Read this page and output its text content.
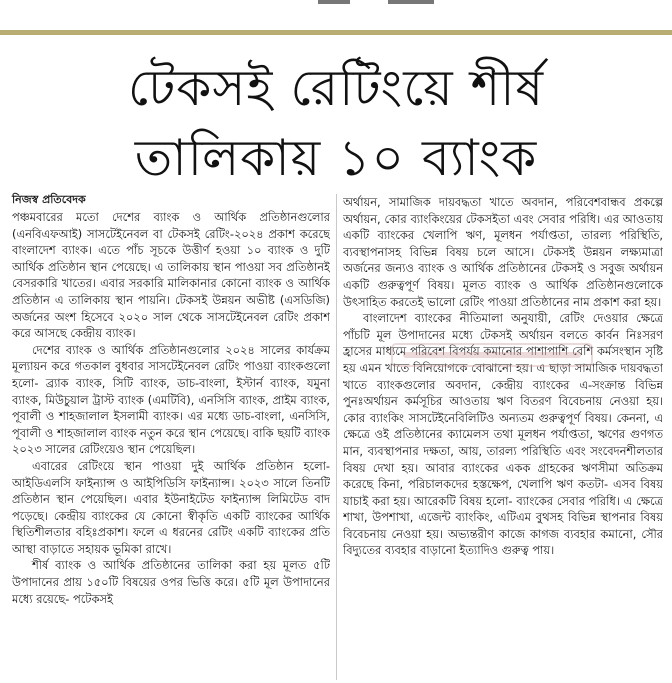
টেকসই রেটিংয়ে শীর্ষ
তালিকায় ১০ ব্যাংক
নিজস্ব প্রতিবেদক

পঞ্চমবারের মতো দেশের ব্যাংক ও আর্থিক প্রতিষ্ঠানগুলোর (এনবিএফআই) সাসটেইনেবল বা টেকসই রেটিং-২০২৪ প্রকাশ করেছে বাংলাদেশ ব্যাংক। এতে পাঁচ সূচকে উত্তীর্ণ হওয়া ১০ ব্যাংক ও দুটি আর্থিক প্রতিষ্ঠান স্থান পেয়েছে। এ তালিকায় স্থান পাওয়া সব প্রতিষ্ঠানই বেসরকারি খাতের। এবার সরকারি মালিকানার কোনো ব্যাংক ও আর্থিক প্রতিষ্ঠান এ তালিকায় স্থান পায়নি। টেকসই উন্নয়ন অভীষ্ট (এসডিজি) অর্জনের অংশ হিসেবে ২০২০ সাল থেকে সাসটেইনেবল রেটিং প্রকাশ করে আসছে কেন্দ্রীয় ব্যাংক।

দেশের ব্যাংক ও আর্থিক প্রতিষ্ঠানগুলোর ২০২৪ সালের কার্যক্রম মূল্যায়ন করে গতকাল বুধবার সাসটেইনেবল রেটিং পাওয়া ব্যাংকগুলো হলো- ব্র্যাক ব্যাংক, সিটি ব্যাংক, ডাচ-বাংলা, ইস্টার্ন ব্যাংক, যমুনা ব্যাংক, মিউচুয়াল ট্রাস্ট ব্যাংক (এমটিবি), এনসিসি ব্যাংক, প্রাইম ব্যাংক, পূবালী ও শাহজালাল ইসলামী ব্যাংক। এর মধ্যে ডাচ-বাংলা, এনসিসি, পূবালী ও শাহজালাল ব্যাংক নতুন করে স্থান পেয়েছে। বাকি ছয়টি ব্যাংক ২০২৩ সালের রেটিংয়েও স্থান পেয়েছিল।

এবারের রেটিংয়ে স্থান পাওয়া দুই আর্থিক প্রতিষ্ঠান হলো- আইডিএলসি ফাইন্যান্স ও আইপিডিসি ফাইন্যান্স। ২০২৩ সালে তিনটি প্রতিষ্ঠান স্থান পেয়েছিল। এবার ইউনাইটেড ফাইন্যান্স লিমিটেড বাদ পড়েছে। কেন্দ্রীয় ব্যাংকের যে কোনো স্বীকৃতি একটি ব্যাংকের আর্থিক স্থিতিশীলতার বহিঃপ্রকাশ। ফলে এ ধরনের রেটিং একটি ব্যাংকের প্রতি আস্থা বাড়াতে সহায়ক ভূমিকা রাখে।

শীর্ষ ব্যাংক ও আর্থিক প্রতিষ্ঠানের তালিকা করা হয় মূলত ৫টি উপাদানের প্রায় ১৫০টি বিষয়ের ওপর ভিত্তি করে। ৫টি মূল উপাদানের মধ্যে রয়েছে- পটেকসই

অর্থায়ন, সামাজিক দায়বদ্ধতা খাতে অবদান, পরিবেশবান্ধব প্রকল্পে অর্থায়ন, কোর ব্যাংকিংয়ের টেকসইতা এবং সেবার পরিধি। এর আওতায় একটি ব্যাংকের খেলাপি ঋণ, মূলধন পর্যাপ্ততা, তারল্য পরিস্থিতি, ব্যবস্থাপনাসহ বিভিন্ন বিষয় চলে আসে। টেকসই উন্নয়ন লক্ষ্যমাত্রা অর্জনের জন্যও ব্যাংক ও আর্থিক প্রতিষ্ঠানের টেকসই ও সবুজ অর্থায়ন একটি গুরুত্বপূর্ণ বিষয়। মূলত ব্যাংক ও আর্থিক প্রতিষ্ঠানগুলোকে উৎসাহিত করতেই ভালো রেটিং পাওয়া প্রতিষ্ঠানের নাম প্রকাশ করা হয়।

বাংলাদেশ ব্যাংকের নীতিমালা অনুযায়ী, রেটিং দেওয়ার ক্ষেত্রে পাঁচটি মূল উপাদানের মধ্যে টেকসই অর্থায়ন বলতে কার্বন নিঃসরণ হ্রাসের মাধ্যমে পরিবেশ বিপর্যয় কমানোর পাশাপাশি বেশি কর্মসংস্থান সৃষ্টি হয় এমন খাতে বিনিয়োগকে বোঝানো হয়। এ ছাড়া সামাজিক দায়বদ্ধতা খাতে ব্যাংকগুলোর অবদান, কেন্দ্রীয় ব্যাংকের এ-সংক্রান্ত বিভিন্ন পুনঃঅর্থায়ন কর্মসূচির আওতায় ঋণ বিতরণ বিবেচনায় নেওয়া হয়। কোর ব্যাংকিং সাসটেইনেবিলিটিও অন্যতম গুরুত্বপূর্ণ বিষয়। কেননা, এ ক্ষেত্রে ওই প্রতিষ্ঠানের ক্যামেলস তথা মূলধন পর্যাপ্ততা, ঋণের গুণগত মান, ব্যবস্থাপনার দক্ষতা, আয়, তারল্য পরিস্থিতি এবং সংবেদনশীলতার বিষয় দেখা হয়। আবার ব্যাংকের একক গ্রাহকের ঋণসীমা অতিক্রম করেছে কিনা, পরিচালকদের হস্তক্ষেপ, খেলাপি ঋণ কতটা- এসব বিষয় যাচাই করা হয়। আরেকটি বিষয় হলো- ব্যাংকের সেবার পরিধি। এ ক্ষেত্রে শাখা, উপশাখা, এজেন্ট ব্যাংকিং, এটিএম বুথসহ বিভিন্ন স্থাপনার বিষয় বিবেচনায় নেওয়া হয়। অভ্যন্তরীণ কাজে কাগজ ব্যবহার কমানো, সৌর বিদ্যুতের ব্যবহার বাড়ানো ইত্যাদিও গুরুত্ব পায়।
